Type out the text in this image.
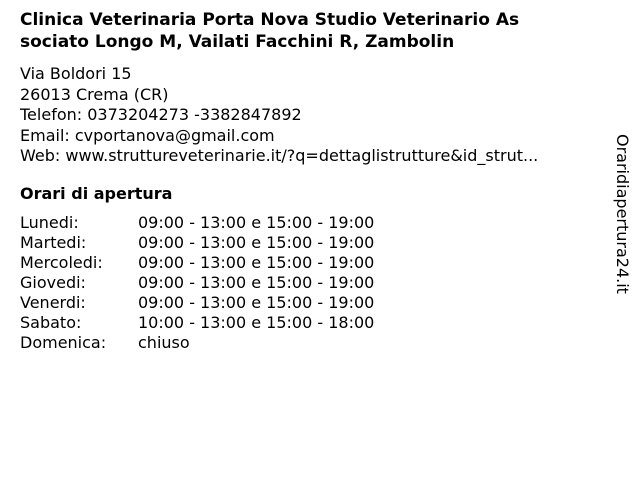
Clinica Veterinaria Porta Nova Studio Veterinario As
sociato Longo M, Vailati Facchini R, Zambolin
Via Boldori 15
26013 Crema (CR)
Telefon: 0373204273 -3382847892
Email: cvportanova@gmail.com
Web: www.struttureveterinarie.it/?q=dettaglistrutture&id_strut...
Orari di apertura
Lunedi:	09:00 - 13:00 e 15:00 - 19:00
Martedi:	09:00 - 13:00 e 15:00 - 19:00
Mercoledi: 09:00 - 13:00 e 15:00 - 19:00
Giovedi:	09:00 - 13:00 e 15:00 - 19:00
Venerdi:	09:00 - 13:00 e 15:00 - 19:00
Sabato:	10:00 - 13:00 e 15:00 - 18:00
Domenica: chiuso
Oraridiapertura24.it
